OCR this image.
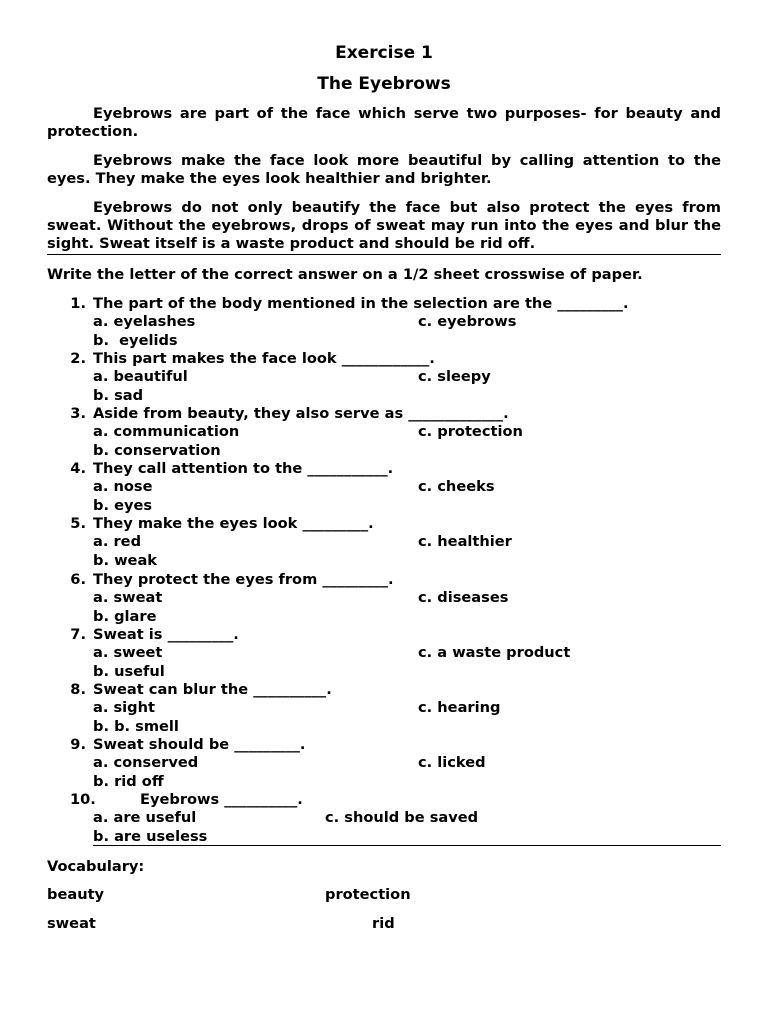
Exercise 1
The Eyebrows

Eyebrows are part of the face which serve two purposes- for beauty and protection.

Eyebrows make the face look more beautiful by calling attention to the eyes. They make the eyes look healthier and brighter.

Eyebrows do not only beautify the face but also protect the eyes from sweat. Without the eyebrows, drops of sweat may run into the eyes and blur the sight. Sweat itself is a waste product and should be rid off.

Write the letter of the correct answer on a 1/2 sheet crosswise of paper.
1. The part of the body mentioned in the selection are the _________.
a. eyelashes	c. eyebrows
b.  eyelids
2. This part makes the face look ____________.
a. beautiful	c. sleepy
b. sad
3. Aside from beauty, they also serve as _____________.
a. communication	c. protection
b. conservation
4. They call attention to the ___________.
a. nose	c. cheeks
b. eyes
5. They make the eyes look _________.
a. red	c. healthier
b. weak
6. They protect the eyes from _________.
a. sweat	c. diseases
b. glare
7. Sweat is _________.
a. sweet	c. a waste product
b. useful
8. Sweat can blur the __________.
a. sight	c. hearing
b. b. smell
9. Sweat should be _________.
a. conserved	c. licked
b. rid off
10.	Eyebrows __________.
a. are useful	c. should be saved
b. are useless
Vocabulary:
beauty	protection
sweat	rid
